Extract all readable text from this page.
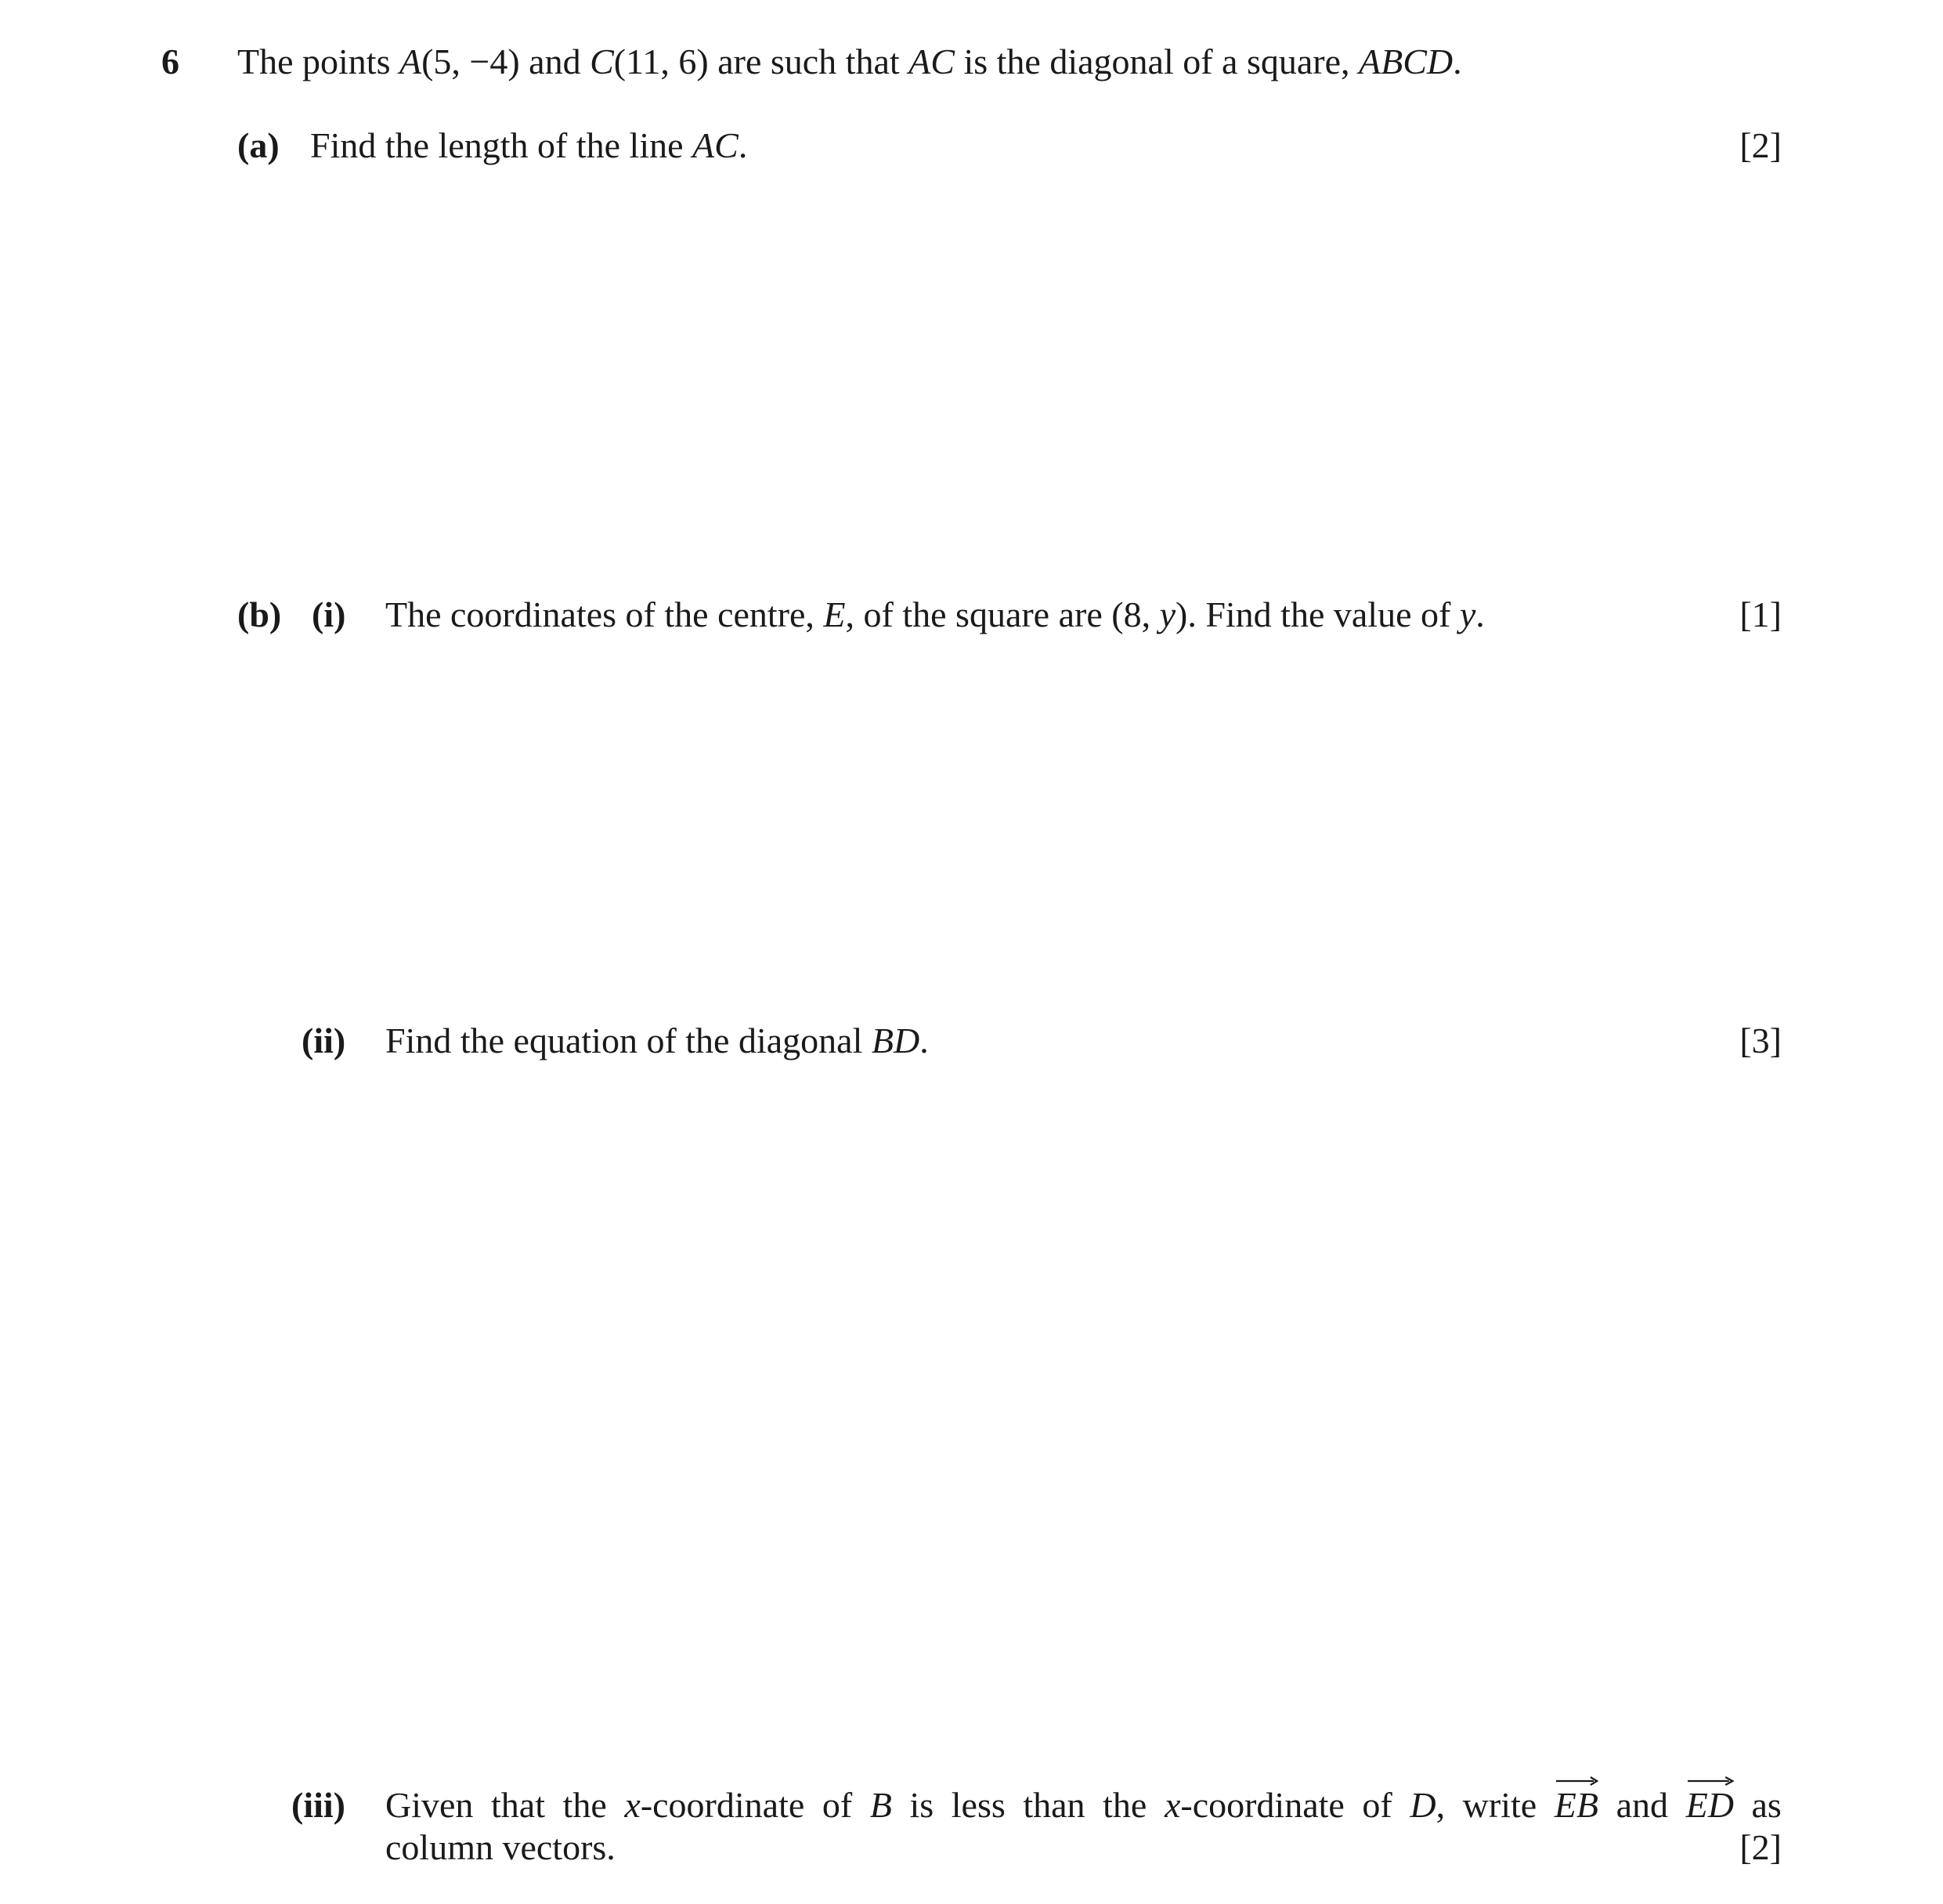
6 The points A(5, −4) and C(11, 6) are such that AC is the diagonal of a square, ABCD.
(a) Find the length of the line AC.	[2]
(b) (i) The coordinates of the centre, E, of the square are (8, y). Find the value of y.	[1]
(ii) Find the equation of the diagonal BD.	[3]
(iii) Given that the x-coordinate of B is less than the x-coordinate of D, write EB and ED as
column vectors.	[2]
